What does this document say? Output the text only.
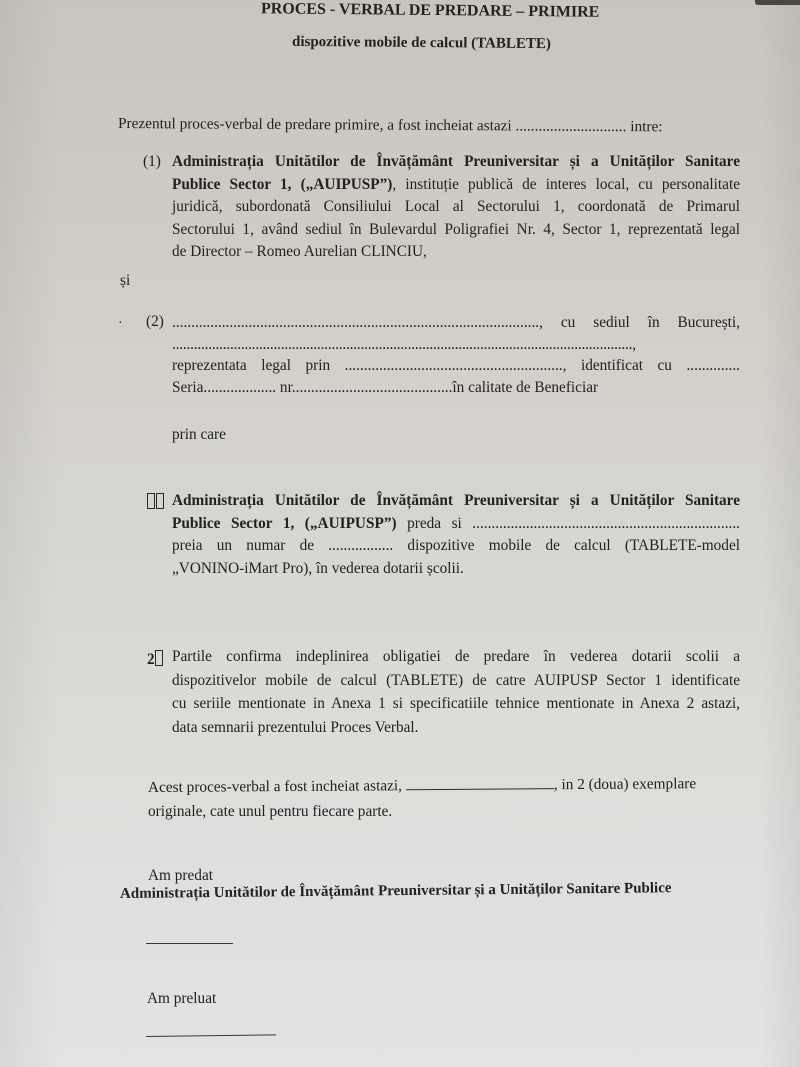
PROCES - VERBAL DE PREDARE – PRIMIRE
dispozitive mobile de calcul (TABLETE)
Prezentul proces-verbal de predare primire, a fost incheiat astazi ............................. intre:
(1) Administrația Unitătilor de Învățământ Preuniversitar și a Unităților Sanitare
Publice Sector 1, („AUIPUSP”), instituție publică de interes local, cu personalitate
juridică, subordonată Consiliului Local al Sectorului 1, coordonată de Primarul
Sectorului 1, având sediul în Bulevardul Poligrafiei Nr. 4, Sector 1, reprezentată legal
de Director – Romeo Aurelian CLINCIU,
și
· (2) ................................................................................................, cu sediul în București,
...............................................................................................................................,
reprezentata legal prin ........................................................., identificat cu ..............
Seria................... nr..........................................în calitate de Beneficiar
prin care
Administrația Unitătilor de Învățământ Preuniversitar și a Unităților Sanitare
Publice Sector 1, („AUIPUSP”) preda si ......................................................................
preia un numar de ................. dispozitive mobile de calcul (TABLETE-model
„VONINO-iMart Pro), în vederea dotarii școlii.
2	Partile confirma indeplinirea obligatiei de predare în vederea dotarii scolii a
dispozitivelor mobile de calcul (TABLETE) de catre AUIPUSP Sector 1 identificate
cu seriile mentionate in Anexa 1 si specificatiile tehnice mentionate in Anexa 2 astazi,
data semnarii prezentului Proces Verbal.
Acest proces-verbal a fost incheiat astazi,	, in 2 (doua) exemplare
originale, cate unul pentru fiecare parte.
Am predat
Administrația Unitătilor de Învățământ Preuniversitar și a Unităților Sanitare Publice
Am preluat
